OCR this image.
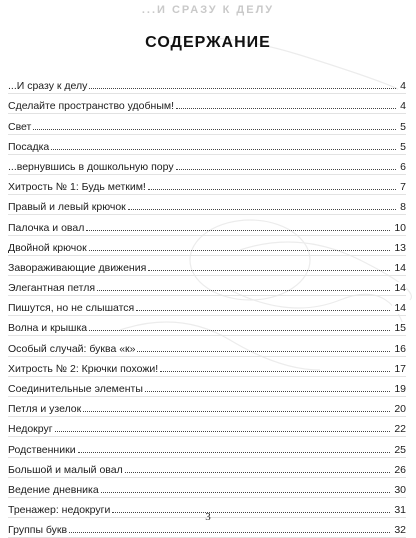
...И СРАЗУ К ДЕЛУ
СОДЕРЖАНИЕ
...И сразу к делу	4
Сделайте пространство удобным!	4
Свет	5
Посадка	5
...вернувшись в дошкольную пору	6
Хитрость № 1: Будь метким!	7
Правый и левый крючок	8
Палочка и овал	10
Двойной крючок	13
Завораживающие движения	14
Элегантная петля	14
Пишутся, но не слышатся	14
Волна и крышка	15
Особый случай: буква «к»	16
Хитрость № 2: Крючки похожи!	17
Соединительные элементы	19
Петля и узелок	20
Недокруг	22
Родственники	25
Большой и малый овал	26
Ведение дневника	30
Тренажер: недокруги	31
Группы букв	32
3
